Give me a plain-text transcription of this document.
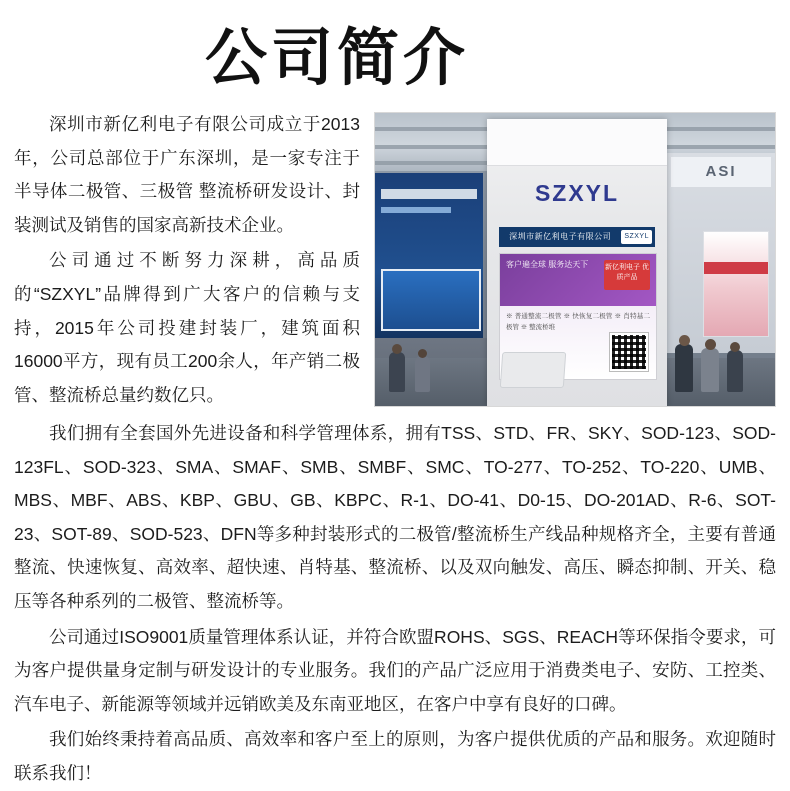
公司简介
ASI
SZXYL
SZXYL
深圳市新亿利电子有限公司
客户遍全球 服务达天下	新亿利电子 优质产品
※ 普通整流二极管 ※ 快恢复二极管 ※ 肖特基二极管 ※ 整流桥堆

深圳市新亿利电子有限公司成立于2013年，公司总部位于广东深圳，是一家专注于半导体二极管、三极管 整流桥研发设计、封装测试及销售的国家高新技术企业。

公司通过不断努力深耕，高品质的“SZXYL”品牌得到广大客户的信赖与支持，2015年公司投建封装厂，建筑面积16000平方，现有员工200余人，年产销二极管、整流桥总量约数亿只。

我们拥有全套国外先进设备和科学管理体系，拥有TSS、STD、FR、SKY、SOD-123、SOD-123FL、SOD-323、SMA、SMAF、SMB、SMBF、SMC、TO-277、TO-252、TO-220、UMB、MBS、MBF、ABS、KBP、GBU、GB、KBPC、R-1、DO-41、D0-15、DO-201AD、R-6、SOT-23、SOT-89、SOD-523、DFN等多种封装形式的二极管/整流桥生产线品种规格齐全，主要有普通整流、快速恢复、高效率、超快速、肖特基、整流桥、以及双向触发、高压、瞬态抑制、开关、稳压等各种系列的二极管、整流桥等。

公司通过ISO9001质量管理体系认证，并符合欧盟ROHS、SGS、REACH等环保指令要求，可为客户提供量身定制与研发设计的专业服务。我们的产品广泛应用于消费类电子、安防、工控类、汽车电子、新能源等领域并远销欧美及东南亚地区，在客户中享有良好的口碑。

我们始终秉持着高品质、高效率和客户至上的原则，为客户提供优质的产品和服务。欢迎随时联系我们！
